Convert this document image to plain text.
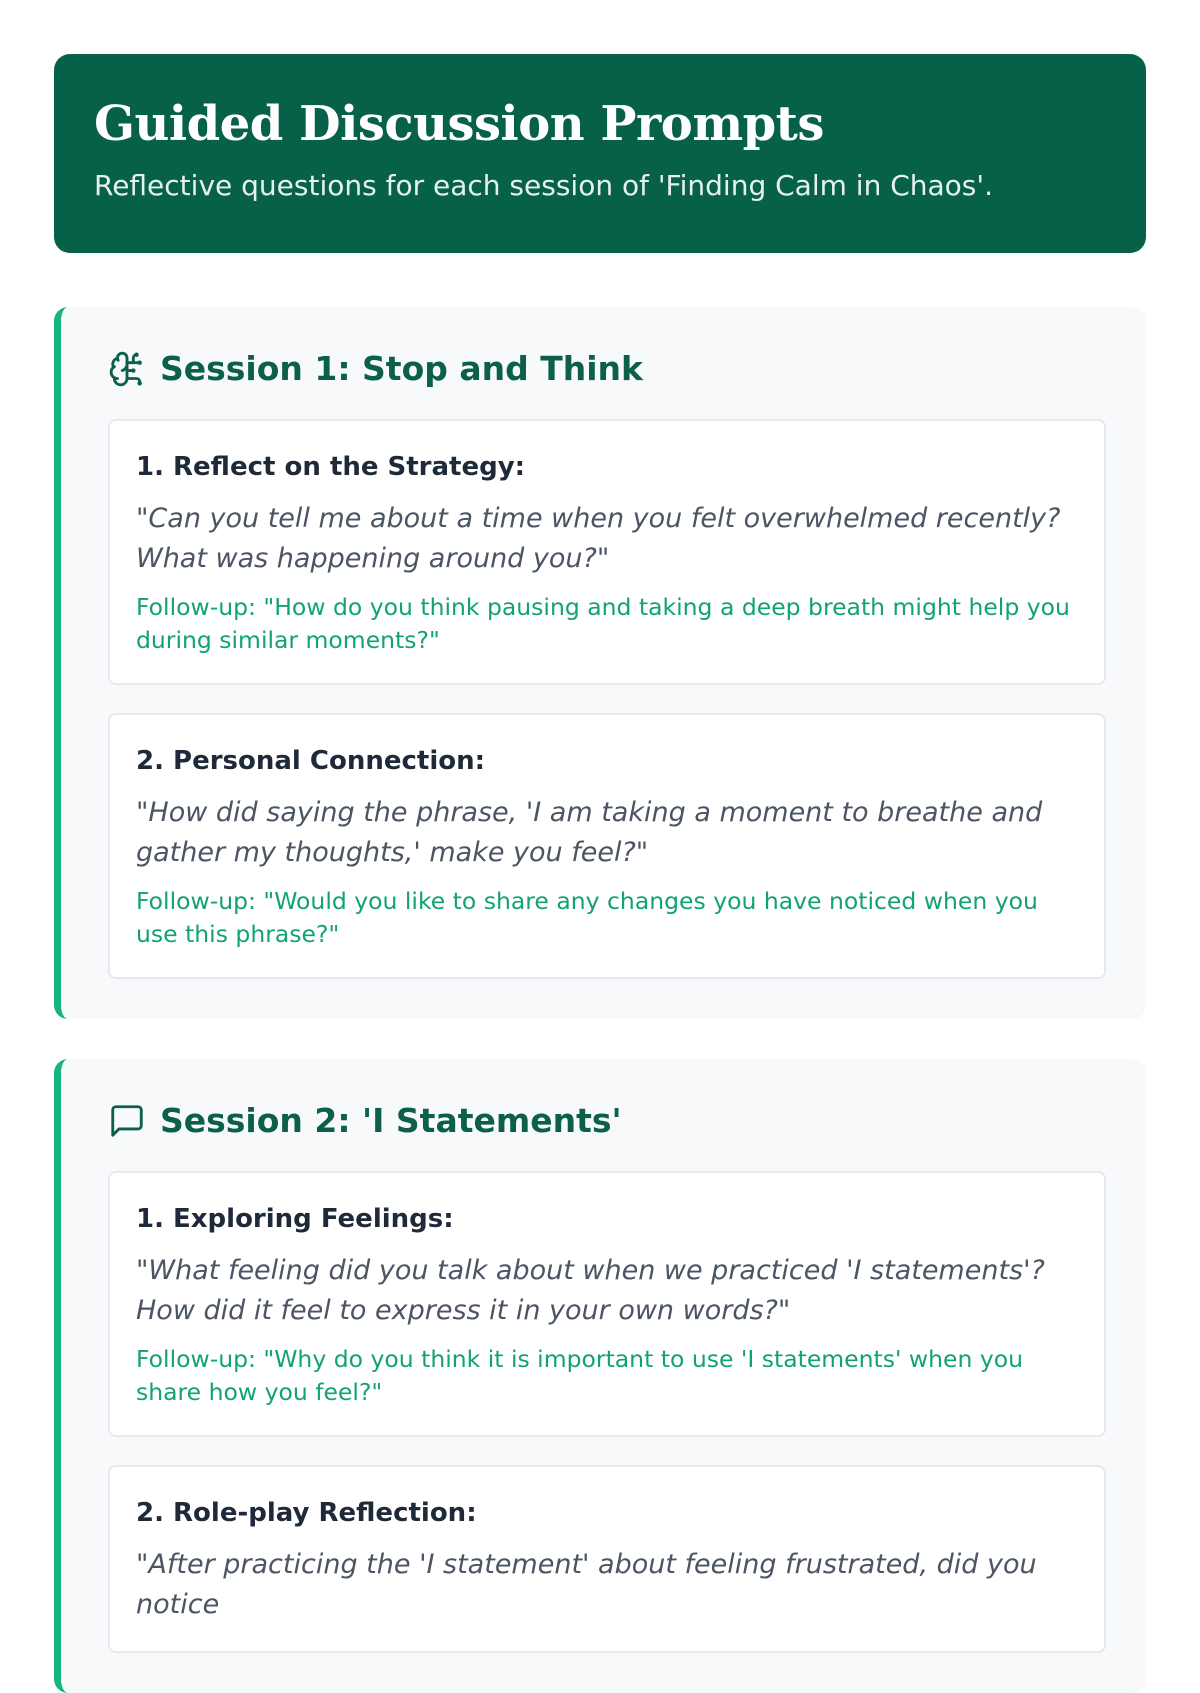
Guided Discussion Prompts
Reflective questions for each session of 'Finding Calm in Chaos'.
Session 1: Stop and Think
1. Reflect on the Strategy:
"Can you tell me about a time when you felt overwhelmed recently? What was happening around you?"
Follow-up: "How do you think pausing and taking a deep breath might help you during similar moments?"
2. Personal Connection:
"How did saying the phrase, 'I am taking a moment to breathe and gather my thoughts,' make you feel?"
Follow-up: "Would you like to share any changes you have noticed when you use this phrase?"
Session 2: 'I Statements'
1. Exploring Feelings:
"What feeling did you talk about when we practiced 'I statements'? How did it feel to express it in your own words?"
Follow-up: "Why do you think it is important to use 'I statements' when you share how you feel?"
2. Role-play Reflection:
"After practicing the 'I statement' about feeling frustrated, did you notice
